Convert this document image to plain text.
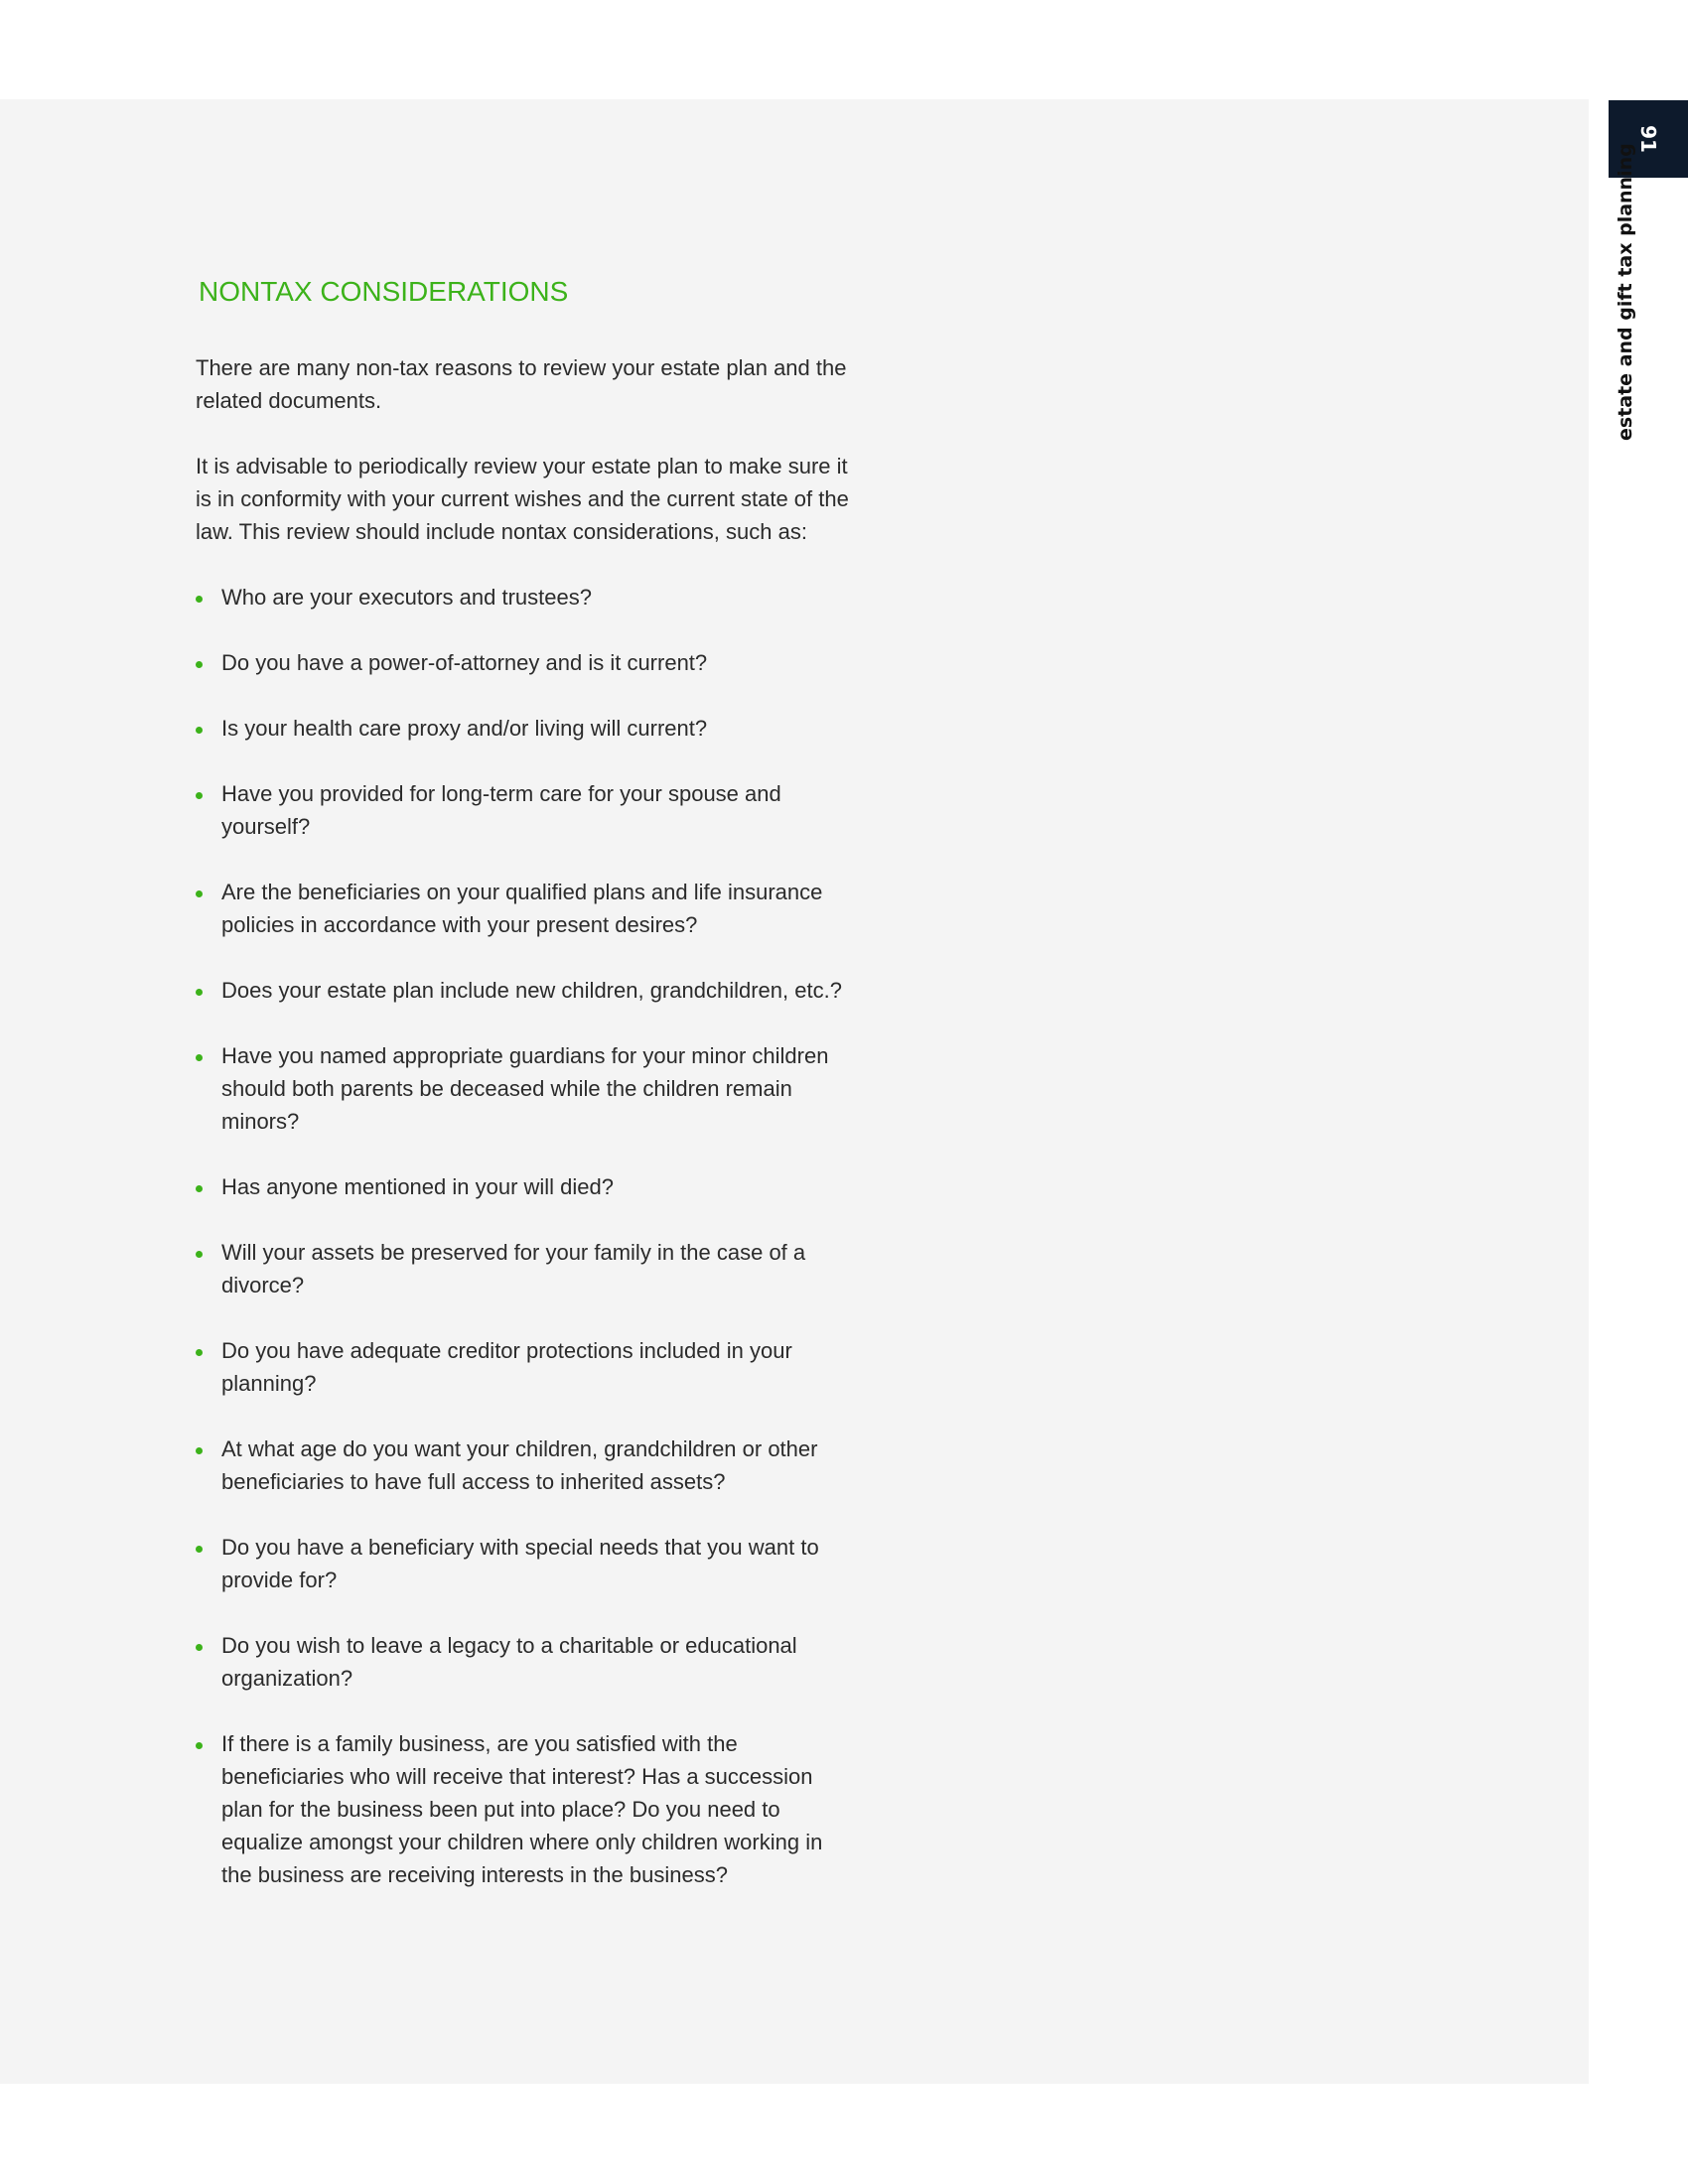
91
estate and gift tax planning
NONTAX CONSIDERATIONS

There are many non-tax reasons to review your estate plan and the related documents.

It is advisable to periodically review your estate plan to make sure it is in conformity with your current wishes and the current state of the law. This review should include nontax considerations, such as:

Who are your executors and trustees?
Do you have a power-of-attorney and is it current?
Is your health care proxy and/or living will current?
Have you provided for long-term care for your spouse and yourself?
Are the beneficiaries on your qualified plans and life insurance policies in accordance with your present desires?
Does your estate plan include new children, grandchildren, etc.?
Have you named appropriate guardians for your minor children should both parents be deceased while the children remain minors?
Has anyone mentioned in your will died?
Will your assets be preserved for your family in the case of a divorce?
Do you have adequate creditor protections included in your planning?
At what age do you want your children, grandchildren or other beneficiaries to have full access to inherited assets?
Do you have a beneficiary with special needs that you want to provide for?
Do you wish to leave a legacy to a charitable or educational organization?
If there is a family business, are you satisfied with the beneficiaries who will receive that interest? Has a succession plan for the business been put into place? Do you need to equalize amongst your children where only children working in the business are receiving interests in the business?
